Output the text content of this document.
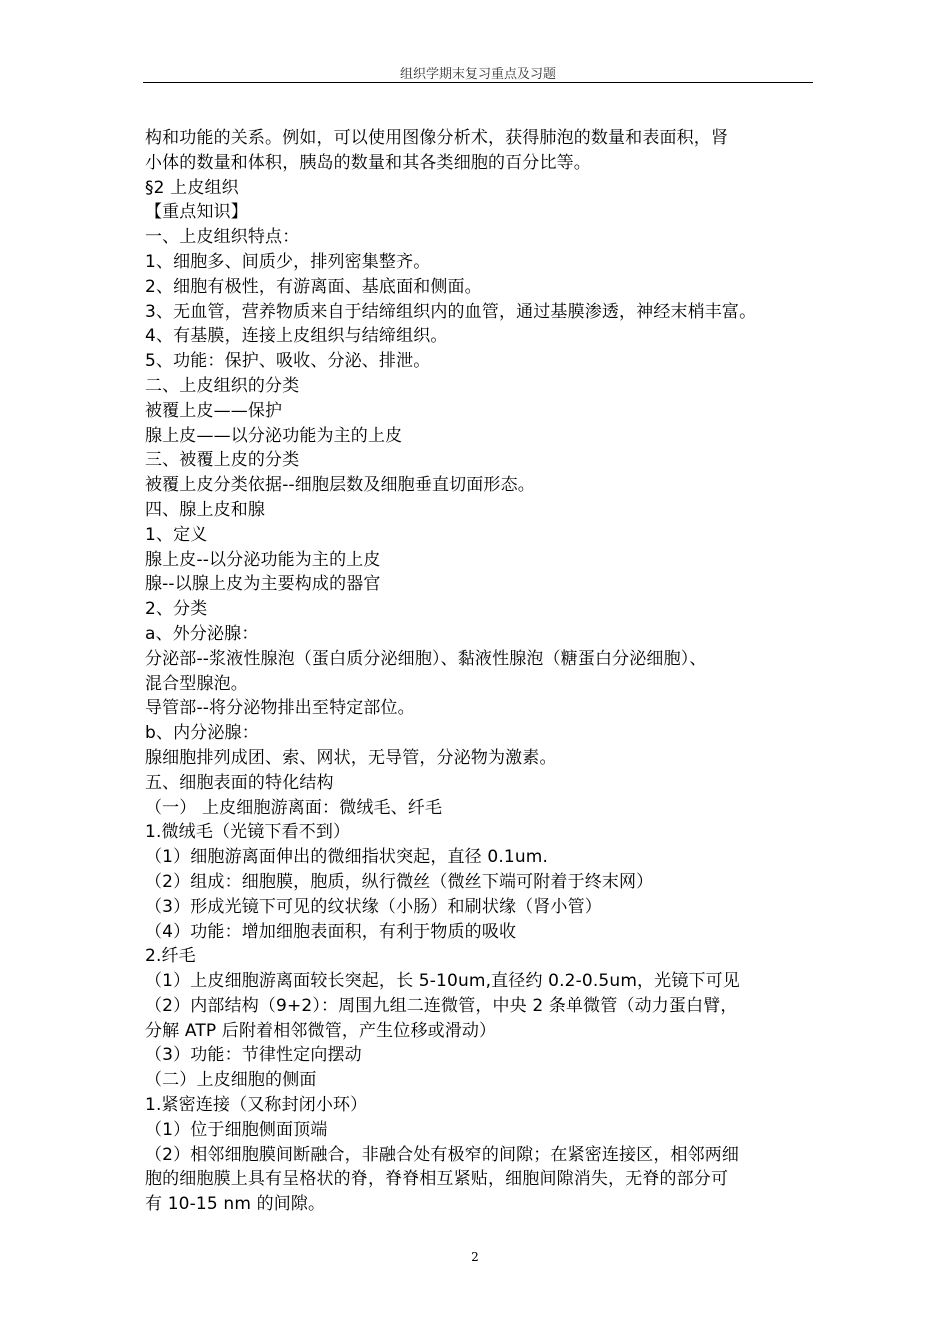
组织学期末复习重点及习题
构和功能的关系。例如，可以使用图像分析术，获得肺泡的数量和表面积，肾
小体的数量和体积，胰岛的数量和其各类细胞的百分比等。
§2 上皮组织
【重点知识】
一、上皮组织特点：
1、细胞多、间质少，排列密集整齐。
2、细胞有极性，有游离面、基底面和侧面。
3、无血管，营养物质来自于结缔组织内的血管，通过基膜渗透，神经末梢丰富。
4、有基膜，连接上皮组织与结缔组织。
5、功能：保护、吸收、分泌、排泄。
二、上皮组织的分类
被覆上皮——保护
腺上皮——以分泌功能为主的上皮
三、被覆上皮的分类
被覆上皮分类依据--细胞层数及细胞垂直切面形态。
四、腺上皮和腺
1、定义
腺上皮--以分泌功能为主的上皮
腺--以腺上皮为主要构成的器官
2、分类
a、外分泌腺：
分泌部--浆液性腺泡（蛋白质分泌细胞）、黏液性腺泡（糖蛋白分泌细胞）、
混合型腺泡。
导管部--将分泌物排出至特定部位。
b、内分泌腺：
腺细胞排列成团、索、网状，无导管，分泌物为激素。
五、细胞表面的特化结构
（一） 上皮细胞游离面：微绒毛、纤毛
1.微绒毛（光镜下看不到）
（1）细胞游离面伸出的微细指状突起，直径 0.1um.
（2）组成：细胞膜，胞质，纵行微丝（微丝下端可附着于终末网）
（3）形成光镜下可见的纹状缘（小肠）和刷状缘（肾小管）
（4）功能：增加细胞表面积，有利于物质的吸收
2.纤毛
（1）上皮细胞游离面较长突起，长 5-10um,直径约 0.2-0.5um，光镜下可见
（2）内部结构（9+2）：周围九组二连微管，中央 2 条单微管（动力蛋白臂，
分解 ATP 后附着相邻微管，产生位移或滑动）
（3）功能：节律性定向摆动
（二）上皮细胞的侧面
1.紧密连接（又称封闭小环）
（1）位于细胞侧面顶端
（2）相邻细胞膜间断融合，非融合处有极窄的间隙；在紧密连接区，相邻两细
胞的细胞膜上具有呈格状的脊，脊脊相互紧贴，细胞间隙消失，无脊的部分可
有 10-15 nm 的间隙。
2
